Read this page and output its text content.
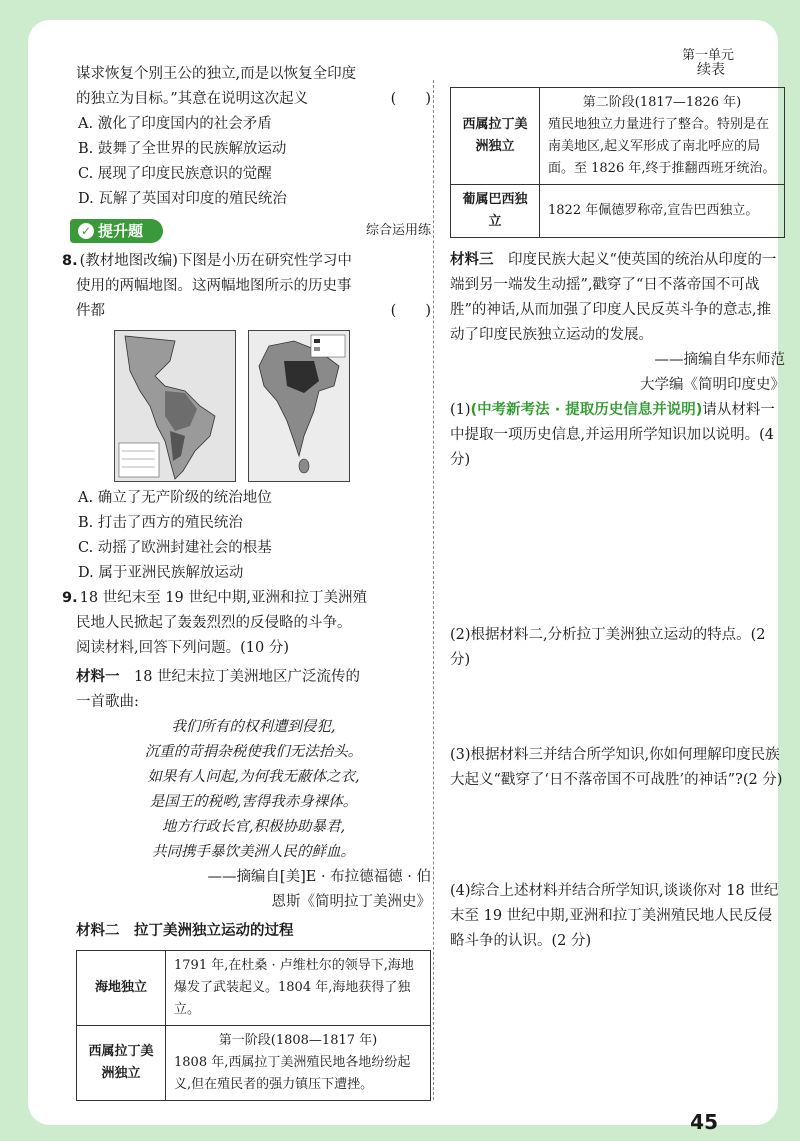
第一单元

谋求恢复个别王公的独立,而是以恢复全印度

的独立为目标。”其意在说明这次起义	(　　)

A. 激化了印度国内的社会矛盾

B. 鼓舞了全世界的民族解放运动

C. 展现了印度民族意识的觉醒

D. 瓦解了英国对印度的殖民统治

✓ 提升题	综合运用练

8. (教材地图改编)下图是小历在研究性学习中

使用的两幅地图。这两幅地图所示的历史事

件都	(　　)

A. 确立了无产阶级的统治地位

B. 打击了西方的殖民统治

C. 动摇了欧洲封建社会的根基

D. 属于亚洲民族解放运动

9. 18 世纪末至 19 世纪中期,亚洲和拉丁美洲殖

民地人民掀起了轰轰烈烈的反侵略的斗争。

阅读材料,回答下列问题。(10 分)

材料一　18 世纪末拉丁美洲地区广泛流传的

一首歌曲:

我们所有的权利遭到侵犯,

沉重的苛捐杂税使我们无法抬头。

如果有人问起,为何我无蔽体之衣,

是国王的税哟,害得我赤身裸体。

地方行政长官,积极协助暴君,

共同携手暴饮美洲人民的鲜血。

——摘编自[美]E · 布拉德福德 · 伯

恩斯《简明拉丁美洲史》

材料二　拉丁美洲独立运动的过程

海地独立	1791 年,在杜桑 · 卢维杜尔的领导下,海地爆发了武装起义。1804 年,海地获得了独立。
西属拉丁美洲独立	第一阶段(1808—1817 年)
1808 年,西属拉丁美洲殖民地各地纷纷起义,但在殖民者的强力镇压下遭挫。

续表

西属拉丁美洲独立	第二阶段(1817—1826 年)
殖民地独立力量进行了整合。特别是在南美地区,起义军形成了南北呼应的局面。至 1826 年,终于推翻西班牙统治。

葡属巴西独立	1822 年佩德罗称帝,宣告巴西独立。

材料三　印度民族大起义“使英国的统治从印度的一端到另一端发生动摇”,戳穿了“日不落帝国不可战胜”的神话,从而加强了印度人民反英斗争的意志,推动了印度民族独立运动的发展。

——摘编自华东师范

大学编《简明印度史》

(1)(中考新考法 · 提取历史信息并说明)请从材料一中提取一项历史信息,并运用所学知识加以说明。(4 分)

(2)根据材料二,分析拉丁美洲独立运动的特点。(2 分)

(3)根据材料三并结合所学知识,你如何理解印度民族大起义“戳穿了‘日不落帝国不可战胜’的神话”?(2 分)

(4)综合上述材料并结合所学知识,谈谈你对 18 世纪末至 19 世纪中期,亚洲和拉丁美洲殖民地人民反侵略斗争的认识。(2 分)

45
